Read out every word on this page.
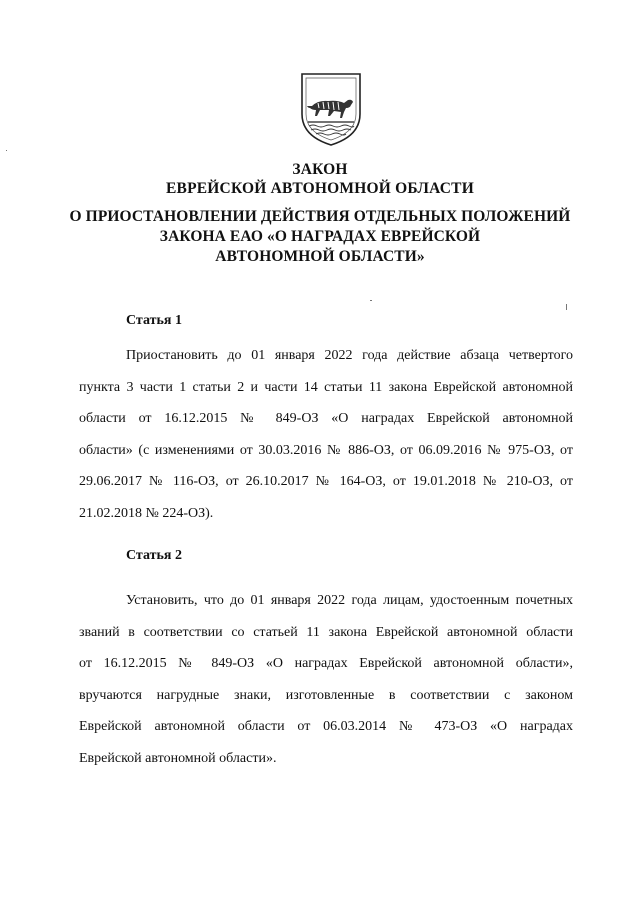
ЗАКОН
ЕВРЕЙСКОЙ АВТОНОМНОЙ ОБЛАСТИ
О ПРИОСТАНОВЛЕНИИ ДЕЙСТВИЯ ОТДЕЛЬНЫХ ПОЛОЖЕНИЙ
ЗАКОНА ЕАО «О НАГРАДАХ ЕВРЕЙСКОЙ
АВТОНОМНОЙ ОБЛАСТИ»
Статья 1
Приостановить до 01 января 2022 года действие абзаца четвертого
пункта 3 части 1 статьи 2 и части 14 статьи 11 закона Еврейской автономной
области от 16.12.2015 № 849-ОЗ «О наградах Еврейской автономной
области» (с изменениями от 30.03.2016 № 886-ОЗ, от 06.09.2016 № 975-ОЗ, от
29.06.2017 № 116-ОЗ, от 26.10.2017 № 164-ОЗ, от 19.01.2018 № 210-ОЗ, от
21.02.2018 № 224-ОЗ).
Статья 2
Установить, что до 01 января 2022 года лицам, удостоенным почетных
званий в соответствии со статьей 11 закона Еврейской автономной области
от 16.12.2015 № 849-ОЗ «О наградах Еврейской автономной области»,
вручаются нагрудные знаки, изготовленные в соответствии с законом
Еврейской автономной области от 06.03.2014 № 473-ОЗ «О наградах
Еврейской автономной области».
